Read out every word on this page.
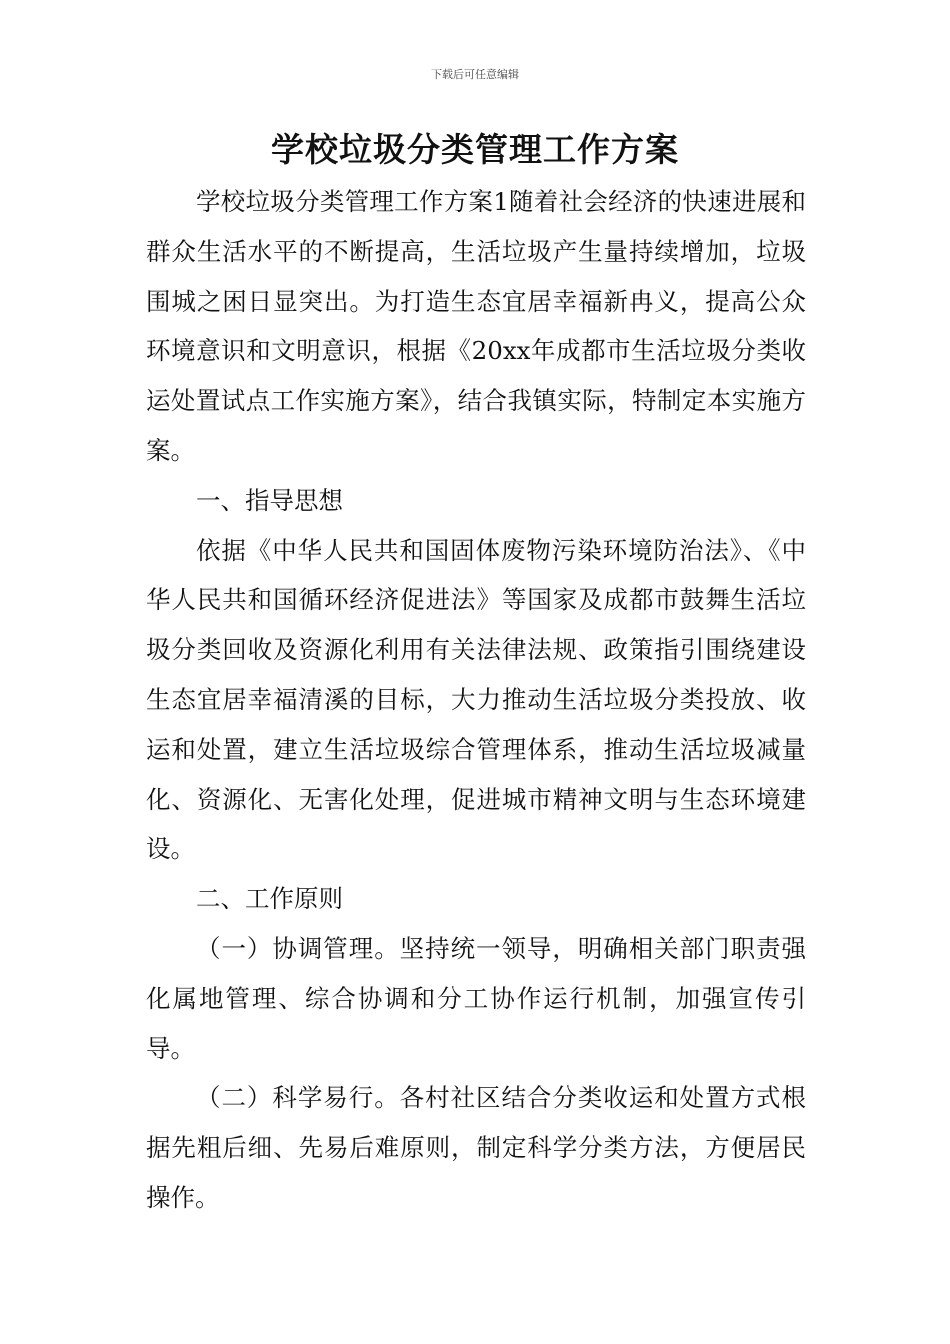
下载后可任意编辑
学校垃圾分类管理工作方案

学校垃圾分类管理工作方案1随着社会经济的快速进展和群众生活水平的不断提高，生活垃圾产生量持续增加，垃圾围城之困日显突出。为打造生态宜居幸福新冉义，提高公众环境意识和文明意识，根据《20xx年成都市生活垃圾分类收运处置试点工作实施方案》，结合我镇实际，特制定本实施方案。

一、指导思想

依据《中华人民共和国固体废物污染环境防治法》、《中华人民共和国循环经济促进法》等国家及成都市鼓舞生活垃圾分类回收及资源化利用有关法律法规、政策指引围绕建设生态宜居幸福清溪的目标，大力推动生活垃圾分类投放、收运和处置，建立生活垃圾综合管理体系，推动生活垃圾减量化、资源化、无害化处理，促进城市精神文明与生态环境建设。

二、工作原则

（一）协调管理。坚持统一领导，明确相关部门职责强化属地管理、综合协调和分工协作运行机制，加强宣传引导。

（二）科学易行。各村社区结合分类收运和处置方式根据先粗后细、先易后难原则，制定科学分类方法，方便居民操作。
